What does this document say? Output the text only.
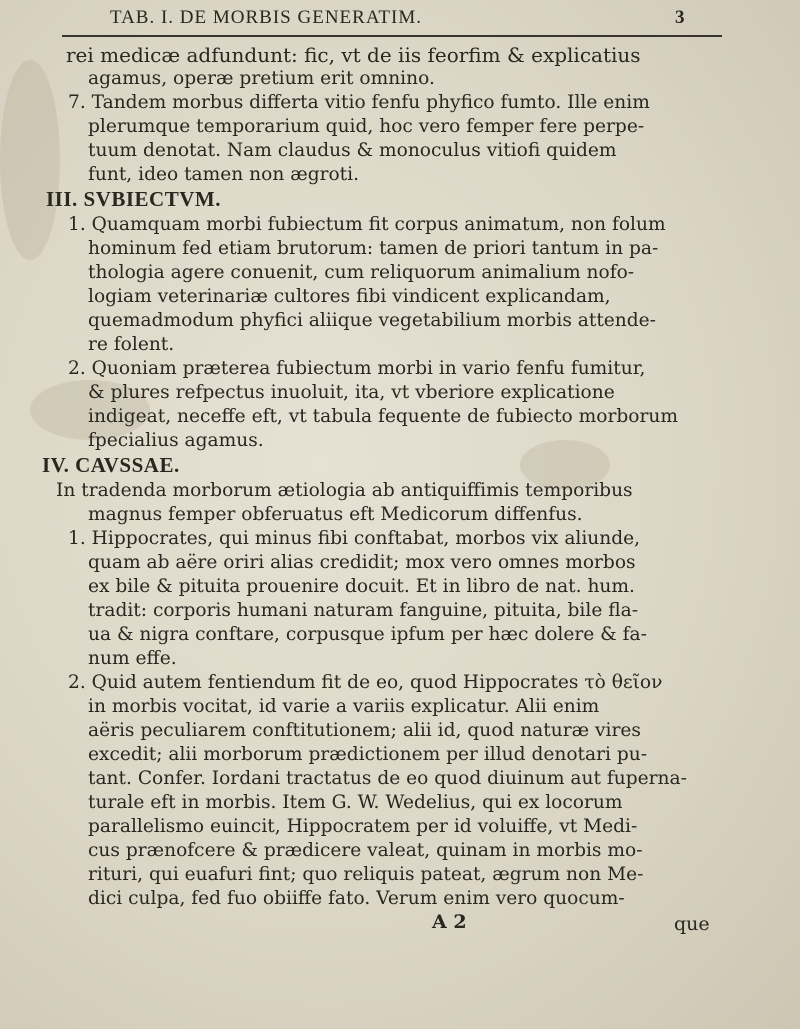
TAB. I. DE MORBIS GENERATIM.	3
rei medicæ adfundunt: fic, vt de iis feorfim & explicatius
agamus, operæ pretium erit omnino.
7. Tandem morbus differta vitio fenfu phyfico fumto. Ille enim
plerumque temporarium quid, hoc vero femper fere perpe-
tuum denotat. Nam claudus & monoculus vitiofi quidem
funt, ideo tamen non ægroti.
III. SVBIECTVM.
1. Quamquam morbi fubiectum fit corpus animatum, non folum
hominum fed etiam brutorum: tamen de priori tantum in pa-
thologia agere conuenit, cum reliquorum animalium nofo-
logiam veterinariæ cultores fibi vindicent explicandam,
quemadmodum phyfici aliique vegetabilium morbis attende-
re folent.
2. Quoniam præterea fubiectum morbi in vario fenfu fumitur,
& plures refpectus inuoluit, ita, vt vberiore explicatione
indigeat, neceffe eft, vt tabula fequente de fubiecto morborum
fpecialius agamus.
IV. CAVSSAE.
In tradenda morborum ætiologia ab antiquiffimis temporibus
magnus femper obferuatus eft Medicorum diffenfus.
1. Hippocrates, qui minus fibi conftabat, morbos vix aliunde,
quam ab aëre oriri alias credidit; mox vero omnes morbos
ex bile & pituita prouenire docuit. Et in libro de nat. hum.
tradit: corporis humani naturam fanguine, pituita, bile fla-
ua & nigra conftare, corpusque ipfum per hæc dolere & fa-
num effe.
2. Quid autem fentiendum fit de eo, quod Hippocrates τὸ θεῖον
in morbis vocitat, id varie a variis explicatur. Alii enim
aëris peculiarem conftitutionem; alii id, quod naturæ vires
excedit; alii morborum prædictionem per illud denotari pu-
tant. Confer. Iordani tractatus de eo quod diuinum aut fuperna-
turale eft in morbis. Item G. W. Wedelius, qui ex locorum
parallelismo euincit, Hippocratem per id voluiffe, vt Medi-
cus prænofcere & prædicere valeat, quinam in morbis mo-
rituri, qui euafuri fint; quo reliquis pateat, ægrum non Me-
dici culpa, fed fuo obiiffe fato. Verum enim vero quocum-
A 2	que
